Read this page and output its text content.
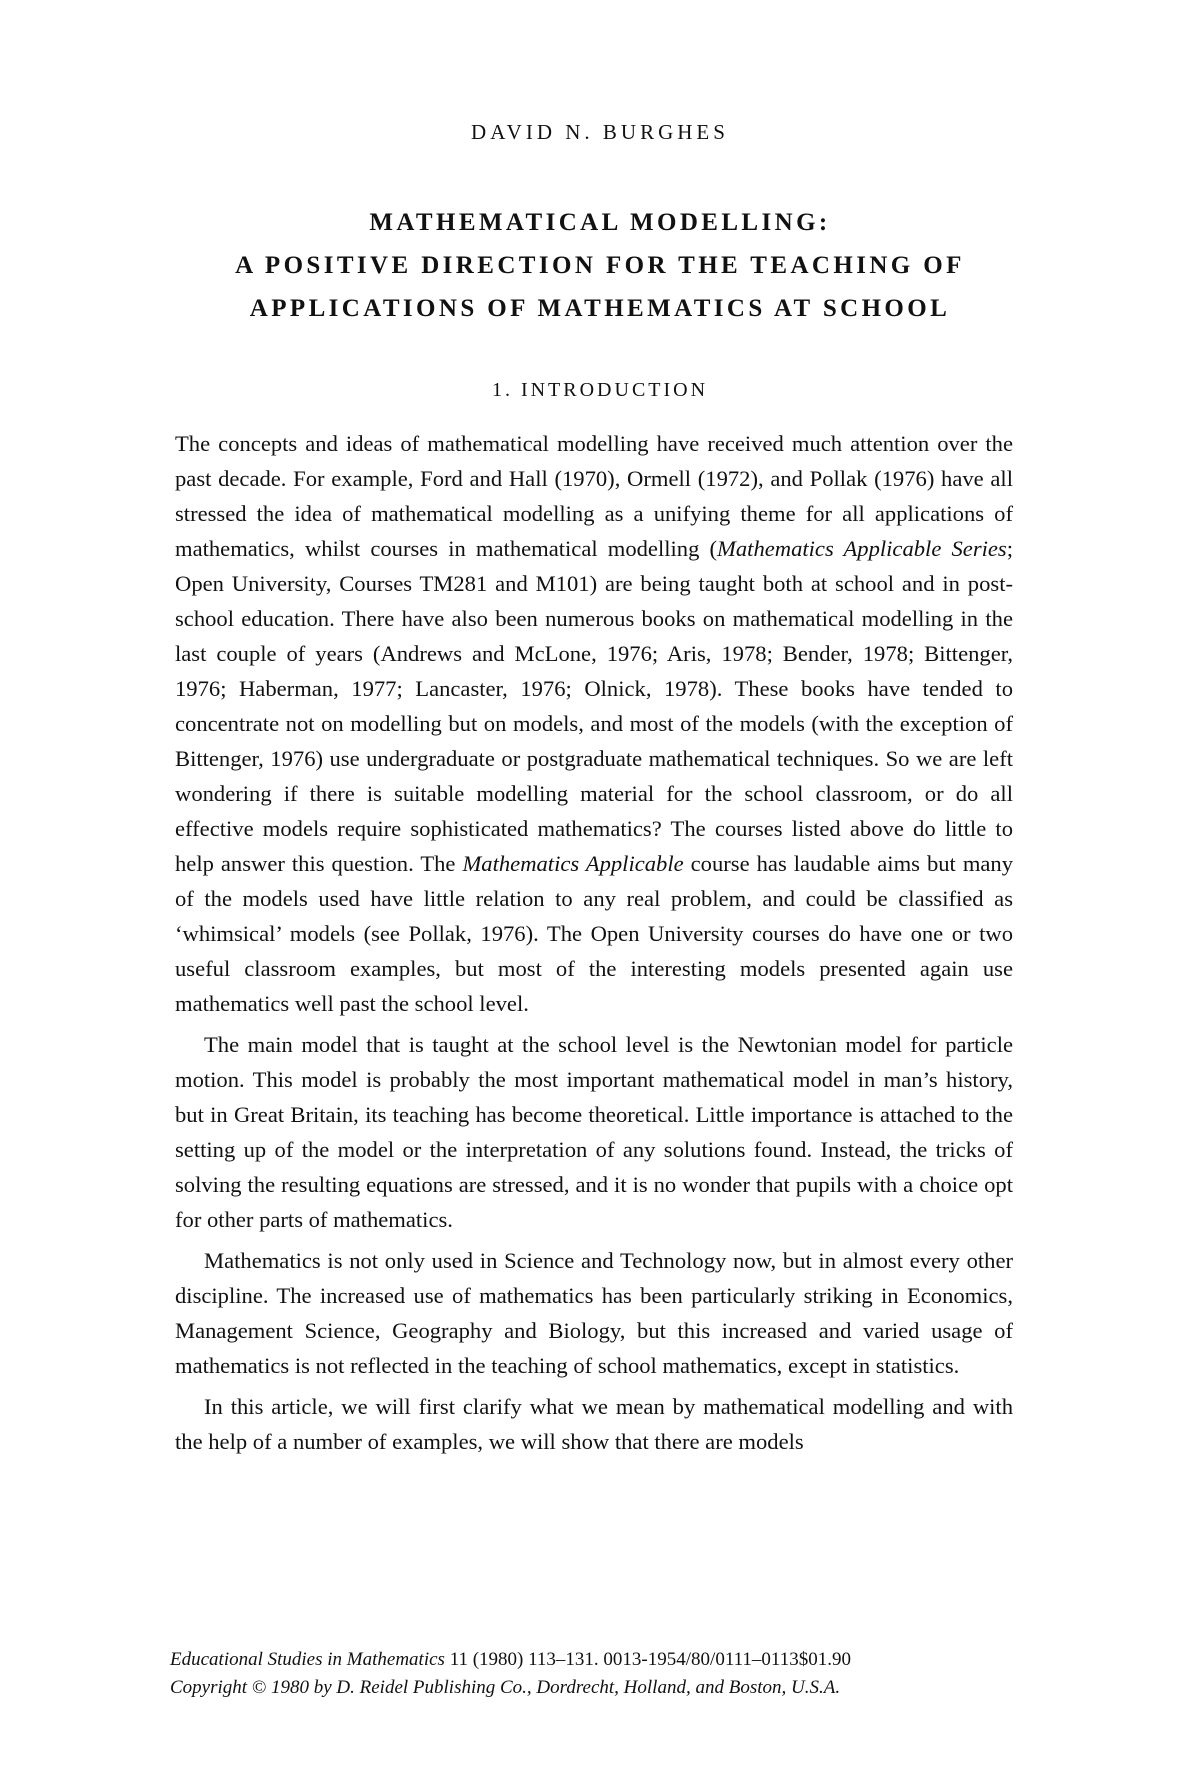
DAVID N. BURGHES
MATHEMATICAL MODELLING:
A POSITIVE DIRECTION FOR THE TEACHING OF
APPLICATIONS OF MATHEMATICS AT SCHOOL
1. INTRODUCTION

The concepts and ideas of mathematical modelling have received much attention over the past decade. For example, Ford and Hall (1970), Ormell (1972), and Pollak (1976) have all stressed the idea of mathematical modelling as a unifying theme for all applications of mathematics, whilst courses in mathematical modelling (Mathematics Applicable Series; Open University, Courses TM281 and M101) are being taught both at school and in post-school education. There have also been numerous books on mathematical modelling in the last couple of years (Andrews and McLone, 1976; Aris, 1978; Bender, 1978; Bittenger, 1976; Haberman, 1977; Lancaster, 1976; Olnick, 1978). These books have tended to concentrate not on modelling but on models, and most of the models (with the exception of Bittenger, 1976) use undergraduate or postgraduate mathematical techniques. So we are left wondering if there is suitable modelling material for the school classroom, or do all effective models require sophisticated mathematics? The courses listed above do little to help answer this question. The Mathematics Applicable course has laudable aims but many of the models used have little relation to any real problem, and could be classified as ‘whimsical’ models (see Pollak, 1976). The Open University courses do have one or two useful classroom examples, but most of the interesting models presented again use mathematics well past the school level.

The main model that is taught at the school level is the Newtonian model for particle motion. This model is probably the most important mathematical model in man’s history, but in Great Britain, its teaching has become theoretical. Little importance is attached to the setting up of the model or the interpretation of any solutions found. Instead, the tricks of solving the resulting equations are stressed, and it is no wonder that pupils with a choice opt for other parts of mathematics.

Mathematics is not only used in Science and Technology now, but in almost every other discipline. The increased use of mathematics has been particularly striking in Economics, Management Science, Geography and Biology, but this increased and varied usage of mathematics is not reflected in the teaching of school mathematics, except in statistics.

In this article, we will first clarify what we mean by mathematical modelling and with the help of a number of examples, we will show that there are models

Educational Studies in Mathematics 11 (1980) 113–131. 0013-1954/80/0111–0113$01.90
Copyright © 1980 by D. Reidel Publishing Co., Dordrecht, Holland, and Boston, U.S.A.
